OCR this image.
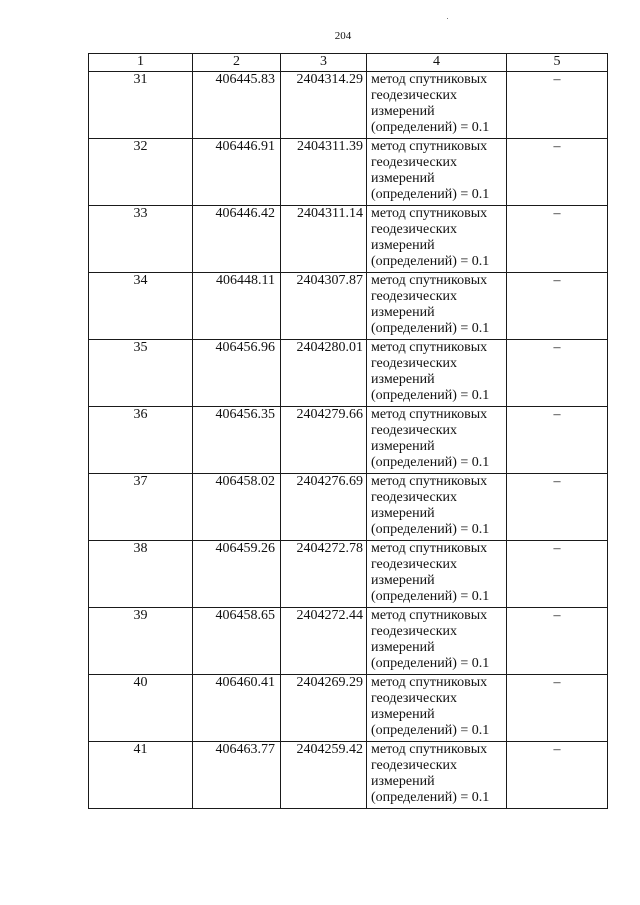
204
1	2	3	4	5
31	406445.83	2404314.29	метод спутниковых
геодезических
измерений
(определений) = 0.1	–
32	406446.91	2404311.39	метод спутниковых
геодезических
измерений
(определений) = 0.1	–
33	406446.42	2404311.14	метод спутниковых
геодезических
измерений
(определений) = 0.1	–
34	406448.11	2404307.87	метод спутниковых
геодезических
измерений
(определений) = 0.1	–
35	406456.96	2404280.01	метод спутниковых
геодезических
измерений
(определений) = 0.1	–
36	406456.35	2404279.66	метод спутниковых
геодезических
измерений
(определений) = 0.1	–
37	406458.02	2404276.69	метод спутниковых
геодезических
измерений
(определений) = 0.1	–
38	406459.26	2404272.78	метод спутниковых
геодезических
измерений
(определений) = 0.1	–
39	406458.65	2404272.44	метод спутниковых
геодезических
измерений
(определений) = 0.1	–
40	406460.41	2404269.29	метод спутниковых
геодезических
измерений
(определений) = 0.1	–
41	406463.77	2404259.42	метод спутниковых
геодезических
измерений
(определений) = 0.1	–
